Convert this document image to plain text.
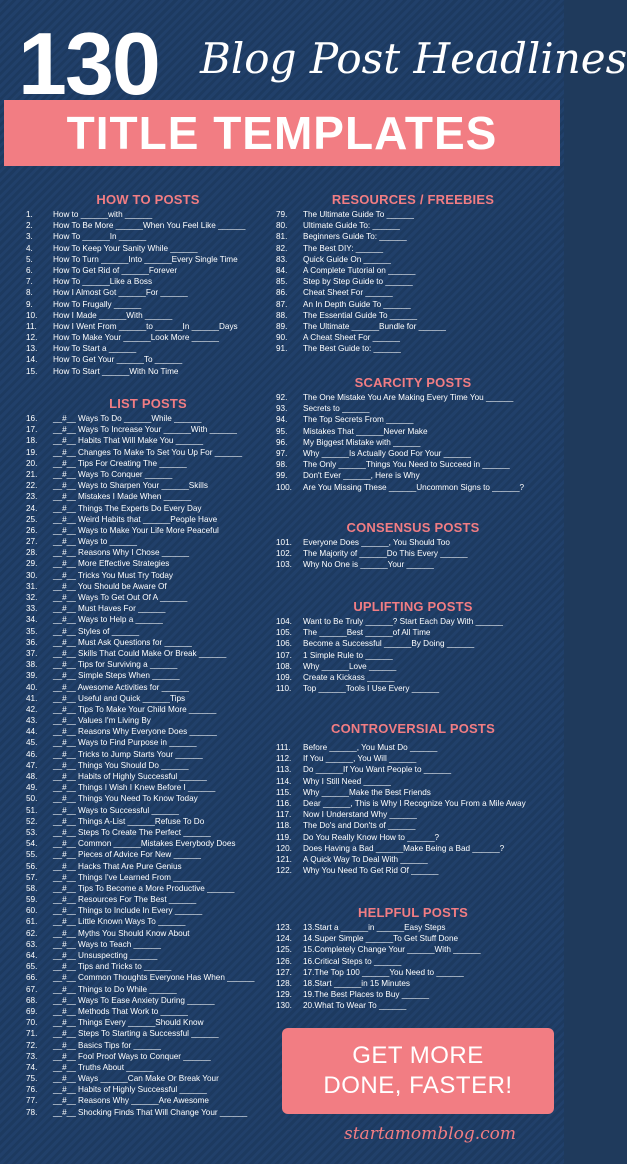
130 Blog Post Headlines
TITLE TEMPLATES
HOW TO POSTS
1.	How to ______with ______
2.	How To Be More ______When You Feel Like ______
3.	How To ______In ______
4.	How To Keep Your Sanity While ______
5.	How To Turn ______Into ______Every Single Time
6.	How To Get Rid of ______Forever
7.	How To ______Like a Boss
8.	How I Almost Got ______For ______
9.	How To Frugally ______
10.	How I Made ______With ______
11.	How I Went From ______to ______In ______Days
12.	How To Make Your ______Look More ______
13.	How To Start a ______
14.	How To Get Your ______To ______
15.	How To Start ______With No Time
LIST POSTS
16.	__#__ Ways To Do ______While ______
17.	__#__ Ways To Increase Your ______With ______
18.	__#__ Habits That Will Make You ______
19.	__#__ Changes To Make To Set You Up For ______
20.	__#__ Tips For Creating The ______
21.	__#__ Ways To Conquer ______
22.	__#__ Ways to Sharpen Your ______Skills
23.	__#__ Mistakes I Made When ______
24.	__#__ Things The Experts Do Every Day
25.	__#__ Weird Habits that ______People Have
26.	__#__ Ways to Make Your Life More Peaceful
27.	__#__ Ways to ______
28.	__#__ Reasons Why I Chose ______
29.	__#__ More Effective Strategies
30.	__#__ Tricks You Must Try Today
31.	__#__ You Should be Aware Of
32.	__#__ Ways To Get Out Of A ______
33.	__#__ Must Haves For ______
34.	__#__ Ways to Help a ______
35.	__#__ Styles of ______
36.	__#__ Must Ask Questions for ______
37.	__#__ Skills That Could Make Or Break ______
38.	__#__ Tips for Surviving a ______
39.	__#__ Simple Steps When ______
40.	__#__ Awesome Activities for ______
41.	__#__ Useful and Quick ______Tips
42.	__#__ Tips To Make Your Child More ______
43.	__#__ Values I'm Living By
44.	__#__ Reasons Why Everyone Does ______
45.	__#__ Ways to Find Purpose in ______
46.	__#__ Tricks to Jump Starts Your ______
47.	__#__ Things You Should Do ______
48.	__#__ Habits of Highly Successful ______
49.	__#__ Things I Wish I Knew Before I ______
50.	__#__ Things You Need To Know Today
51.	__#__ Ways to Successful ______
52.	__#__ Things A-List ______Refuse To Do
53.	__#__ Steps To Create The Perfect ______
54.	__#__ Common ______Mistakes Everybody Does
55.	__#__ Pieces of Advice For New ______
56.	__#__ Hacks That Are Pure Genius
57.	__#__ Things I've Learned From ______
58.	__#__ Tips To Become a More Productive ______
59.	__#__ Resources For The Best ______
60.	__#__ Things to Include In Every ______
61.	__#__ Little Known Ways To ______
62.	__#__ Myths You Should Know About
63.	__#__ Ways to Teach ______
64.	__#__ Unsuspecting ______
65.	__#__ Tips and Tricks to ______
66.	__#__ Common Thoughts Everyone Has When ______
67.	__#__ Things to Do While ______
68.	__#__ Ways To Ease Anxiety During ______
69.	__#__ Methods That Work to ______
70.	__#__ Things Every ______Should Know
71.	__#__ Steps To Starting a Successful ______
72.	__#__ Basics Tips for ______
73.	__#__ Fool Proof Ways to Conquer ______
74.	__#__ Truths About ______
75.	__#__ Ways ______Can Make Or Break Your
76.	__#__ Habits of Highly Successful ______
77.	__#__ Reasons Why ______Are Awesome
78.	__#__ Shocking Finds That Will Change Your ______
RESOURCES / FREEBIES
79.	The Ultimate Guide To ______
80.	Ultimate Guide To: ______
81.	Beginners Guide To: ______
82.	The Best DIY: ______
83.	Quick Guide On ______
84.	A Complete Tutorial on ______
85.	Step by Step Guide to ______
86.	Cheat Sheet For ______
87.	An In Depth Guide To ______
88.	The Essential Guide To ______
89.	The Ultimate ______Bundle for ______
90.	A Cheat Sheet For ______
91.	The Best Guide to: ______
SCARCITY POSTS
92.	The One Mistake You Are Making Every Time You ______
93.	Secrets to ______
94.	The Top Secrets From ______
95.	Mistakes That ______Never Make
96.	My Biggest Mistake with ______
97.	Why ______Is Actually Good For Your ______
98.	The Only ______Things You Need to Succeed in ______
99.	Don't Ever ______, Here is Why
100.	Are You Missing These ______Uncommon Signs to ______?
CONSENSUS POSTS
101.	Everyone Does ______, You Should Too
102.	The Majority of ______Do This Every ______
103.	Why No One is ______Your ______
UPLIFTING POSTS
104.	Want to Be Truly ______? Start Each Day With ______
105.	The ______Best ______of All Time
106.	Become a Successful ______By Doing ______
107.	1 Simple Rule to ______
108.	Why ______Love ______
109.	Create a Kickass ______
110.	Top ______Tools I Use Every ______
CONTROVERSIAL POSTS
111.	Before ______, You Must Do ______
112.	If You ______, You Will ______
113.	Do ______If You Want People to ______
114.	Why I Still Need ______
115.	Why ______Make the Best Friends
116.	Dear ______, This is Why I Recognize You From a Mile Away
117.	Now I Understand Why ______
118.	The Do's and Don'ts of ______
119.	Do You Really Know How to ______?
120.	Does Having a Bad ______Make Being a Bad ______?
121.	A Quick Way To Deal With ______
122.	Why You Need To Get Rid Of ______
HELPFUL POSTS
123.	13.Start a ______in ______Easy Steps
124.	14.Super Simple ______To Get Stuff Done
125.	15.Completely Change Your ______With ______
126.	16.Critical Steps to ______
127.	17.The Top 100 ______You Need to ______
128.	18.Start ______in 15 Minutes
129.	19.The Best Places to Buy ______
130.	20.What To Wear To ______
GET MORE
DONE, FASTER!
startamomblog.com
